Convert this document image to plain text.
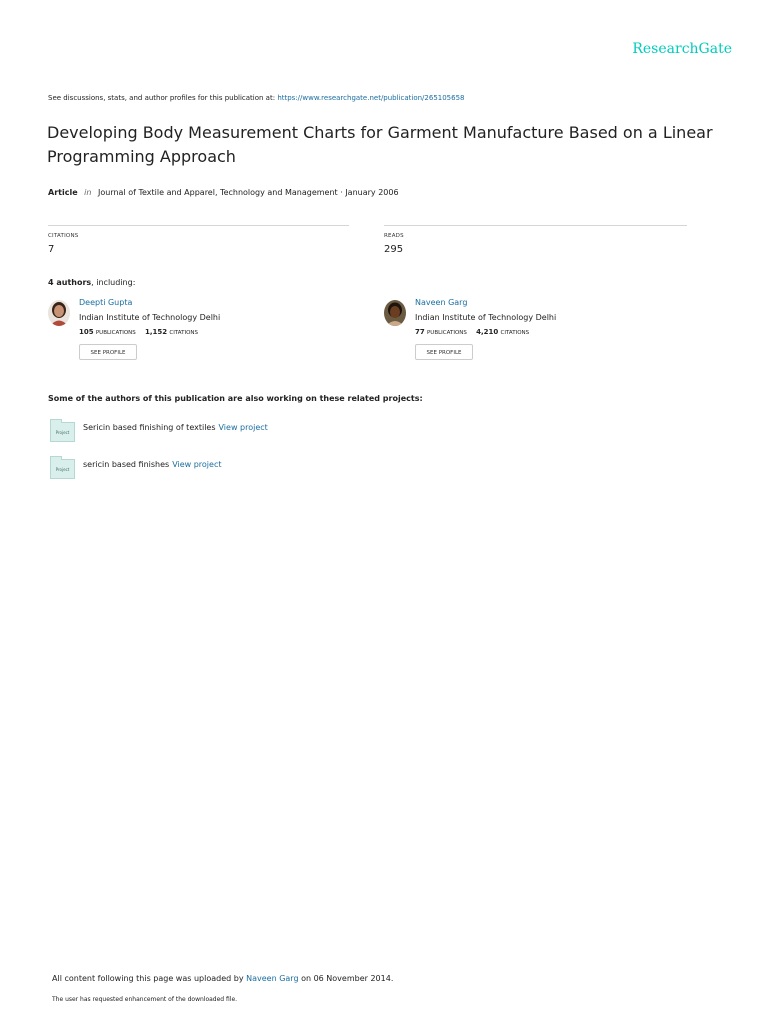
ResearchGate
See discussions, stats, and author profiles for this publication at: https://www.researchgate.net/publication/265105658
Developing Body Measurement Charts for Garment Manufacture Based on a Linear Programming Approach
Article in Journal of Textile and Apparel, Technology and Management · January 2006
CITATIONS
7
READS
295
4 authors, including:
Deepti Gupta
Indian Institute of Technology Delhi
105 PUBLICATIONS 1,152 CITATIONS
SEE PROFILE
Naveen Garg
Indian Institute of Technology Delhi
77 PUBLICATIONS 4,210 CITATIONS
SEE PROFILE
Some of the authors of this publication are also working on these related projects:
Project
Sericin based finishing of textiles View project
Project
sericin based finishes View project
All content following this page was uploaded by Naveen Garg on 06 November 2014.
The user has requested enhancement of the downloaded file.
